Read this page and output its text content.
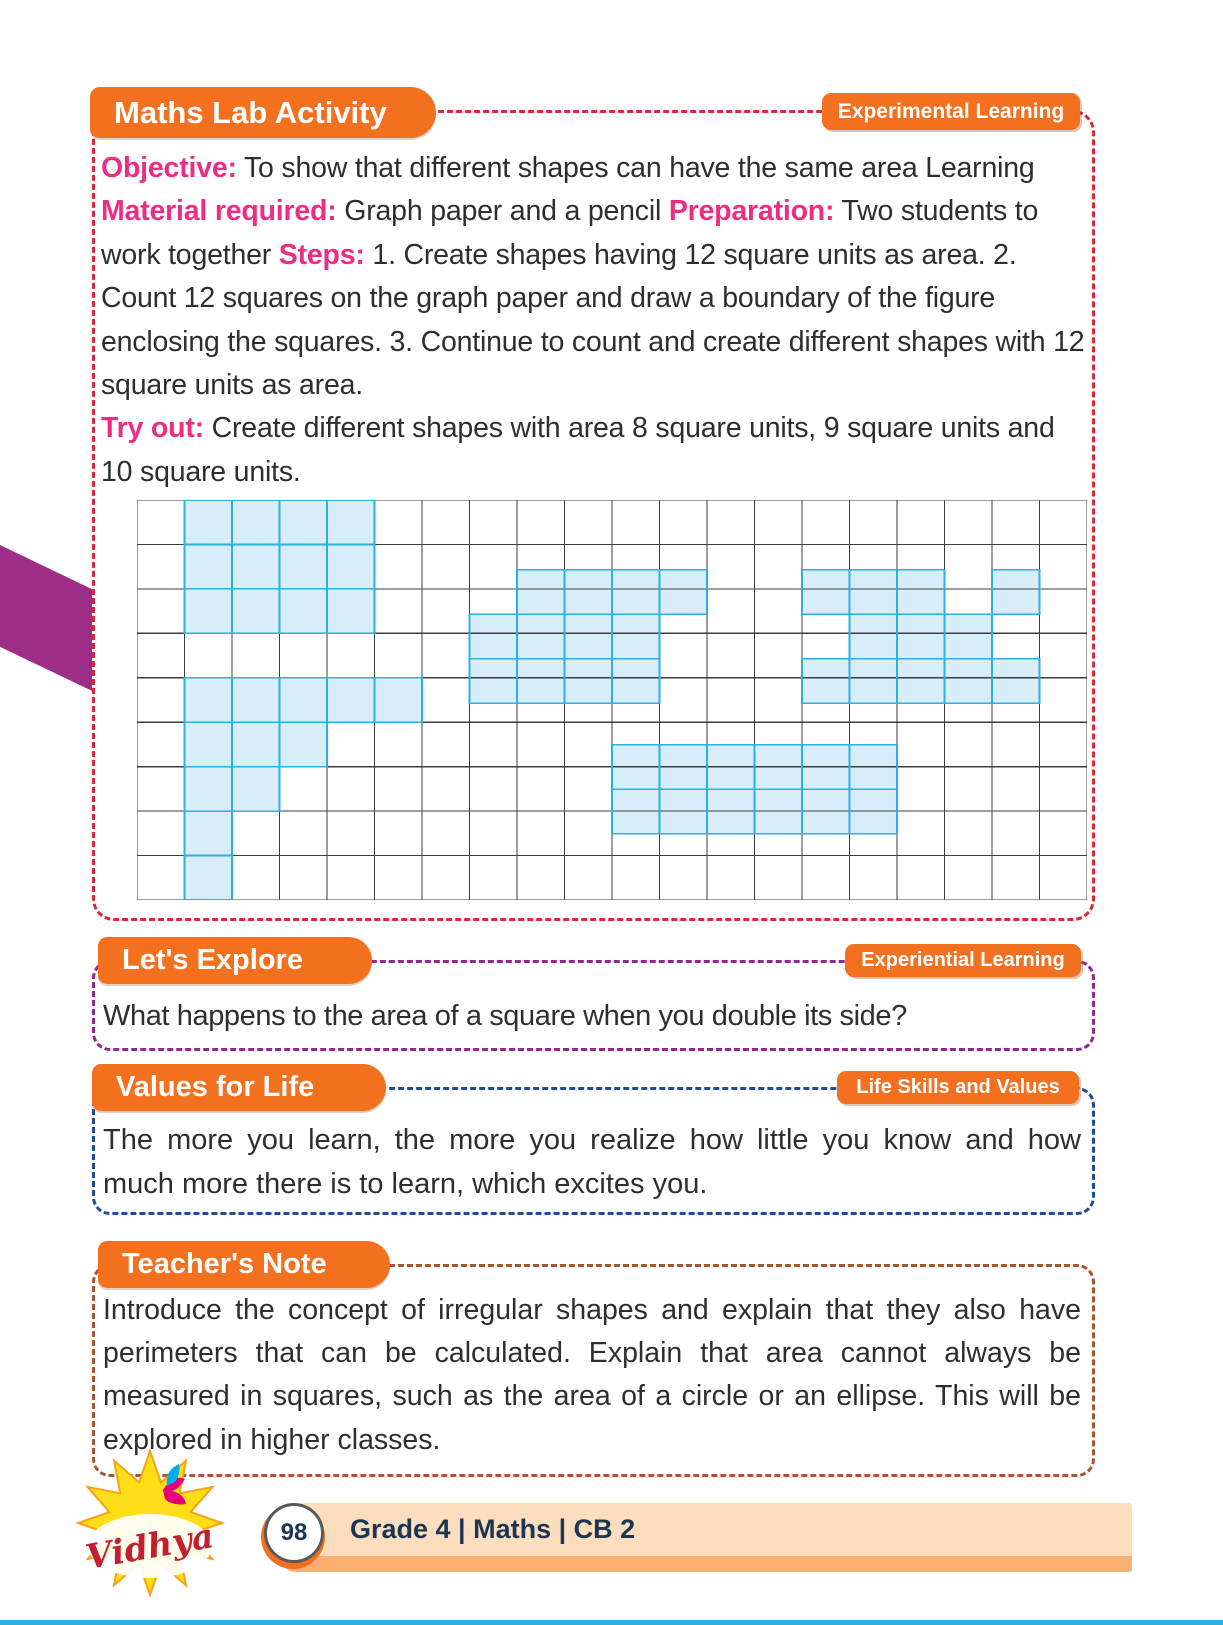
Maths Lab Activity	Experimental Learning
Objective: To show that different shapes can have the same area Learning Material required: Graph paper and a pencil Preparation: Two students to work together Steps: 1. Create shapes having 12 square units as area. 2. Count 12 squares on the graph paper and draw a boundary of the figure enclosing the squares. 3. Continue to count and create different shapes with 12 square units as area.
Try out: Create different shapes with area 8 square units, 9 square units and 10 square units.
Let's Explore	Experiential Learning
What happens to the area of a square when you double its side?
Values for Life	Life Skills and Values
The more you learn, the more you realize how little you know and how much more there is to learn, which excites you.
Teacher's Note
Introduce the concept of irregular shapes and explain that they also have perimeters that can be calculated. Explain that area cannot always be measured in squares, such as the area of a circle or an ellipse. This will be explored in higher classes.
Grade 4 | Maths | CB 2
98
Vidhya
